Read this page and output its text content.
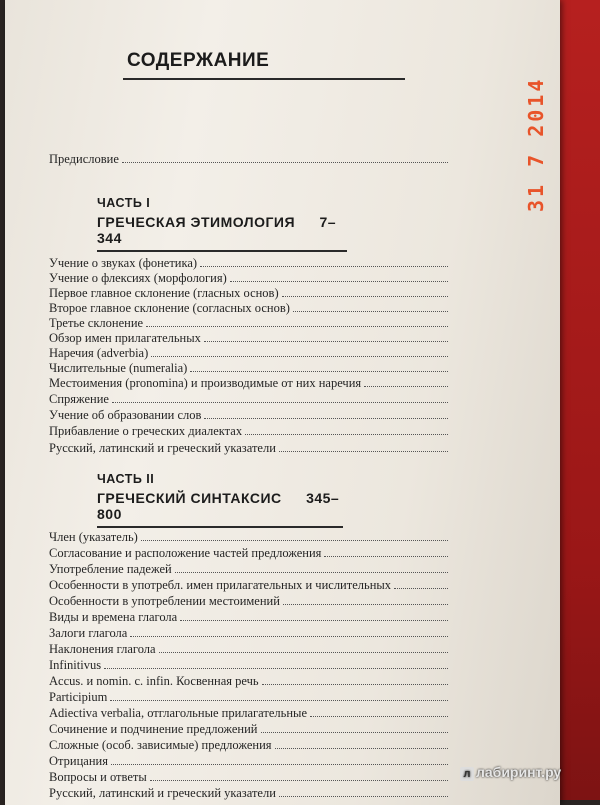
СОДЕРЖАНИЕ
Предисловие
ЧАСТЬ I
ГРЕЧЕСКАЯ ЭТИМОЛОГИЯ 7–344
Учение о звуках (фонетика)
Учение о флексиях (морфология)
Первое главное склонение (гласных основ)
Второе главное склонение (согласных основ)
Третье склонение
Обзор имен прилагательных
Наречия (adverbia)
Числительные (numeralia)
Местоимения (pronomina) и производимые от них наречия
Спряжение
Учение об образовании слов
Прибавление о греческих диалектах
Русский, латинский и греческий указатели
ЧАСТЬ II
ГРЕЧЕСКИЙ СИНТАКСИС 345–800
Член (указатель)
Согласование и расположение частей предложения
Употребление падежей
Особенности в употребл. имен прилагательных и числительных
Особенности в употреблении местоимений
Виды и времена глагола
Залоги глагола
Наклонения глагола
Infinitivus
Accus. и nomin. c. infin. Косвенная речь
Participium
Adiectiva verbalia, отглагольные прилагательные
Сочинение и подчинение предложений
Сложные (особ. зависимые) предложения
Отрицания
Вопросы и ответы
Русский, латинский и греческий указатели
31 7 2014
л лабиринт.ру
